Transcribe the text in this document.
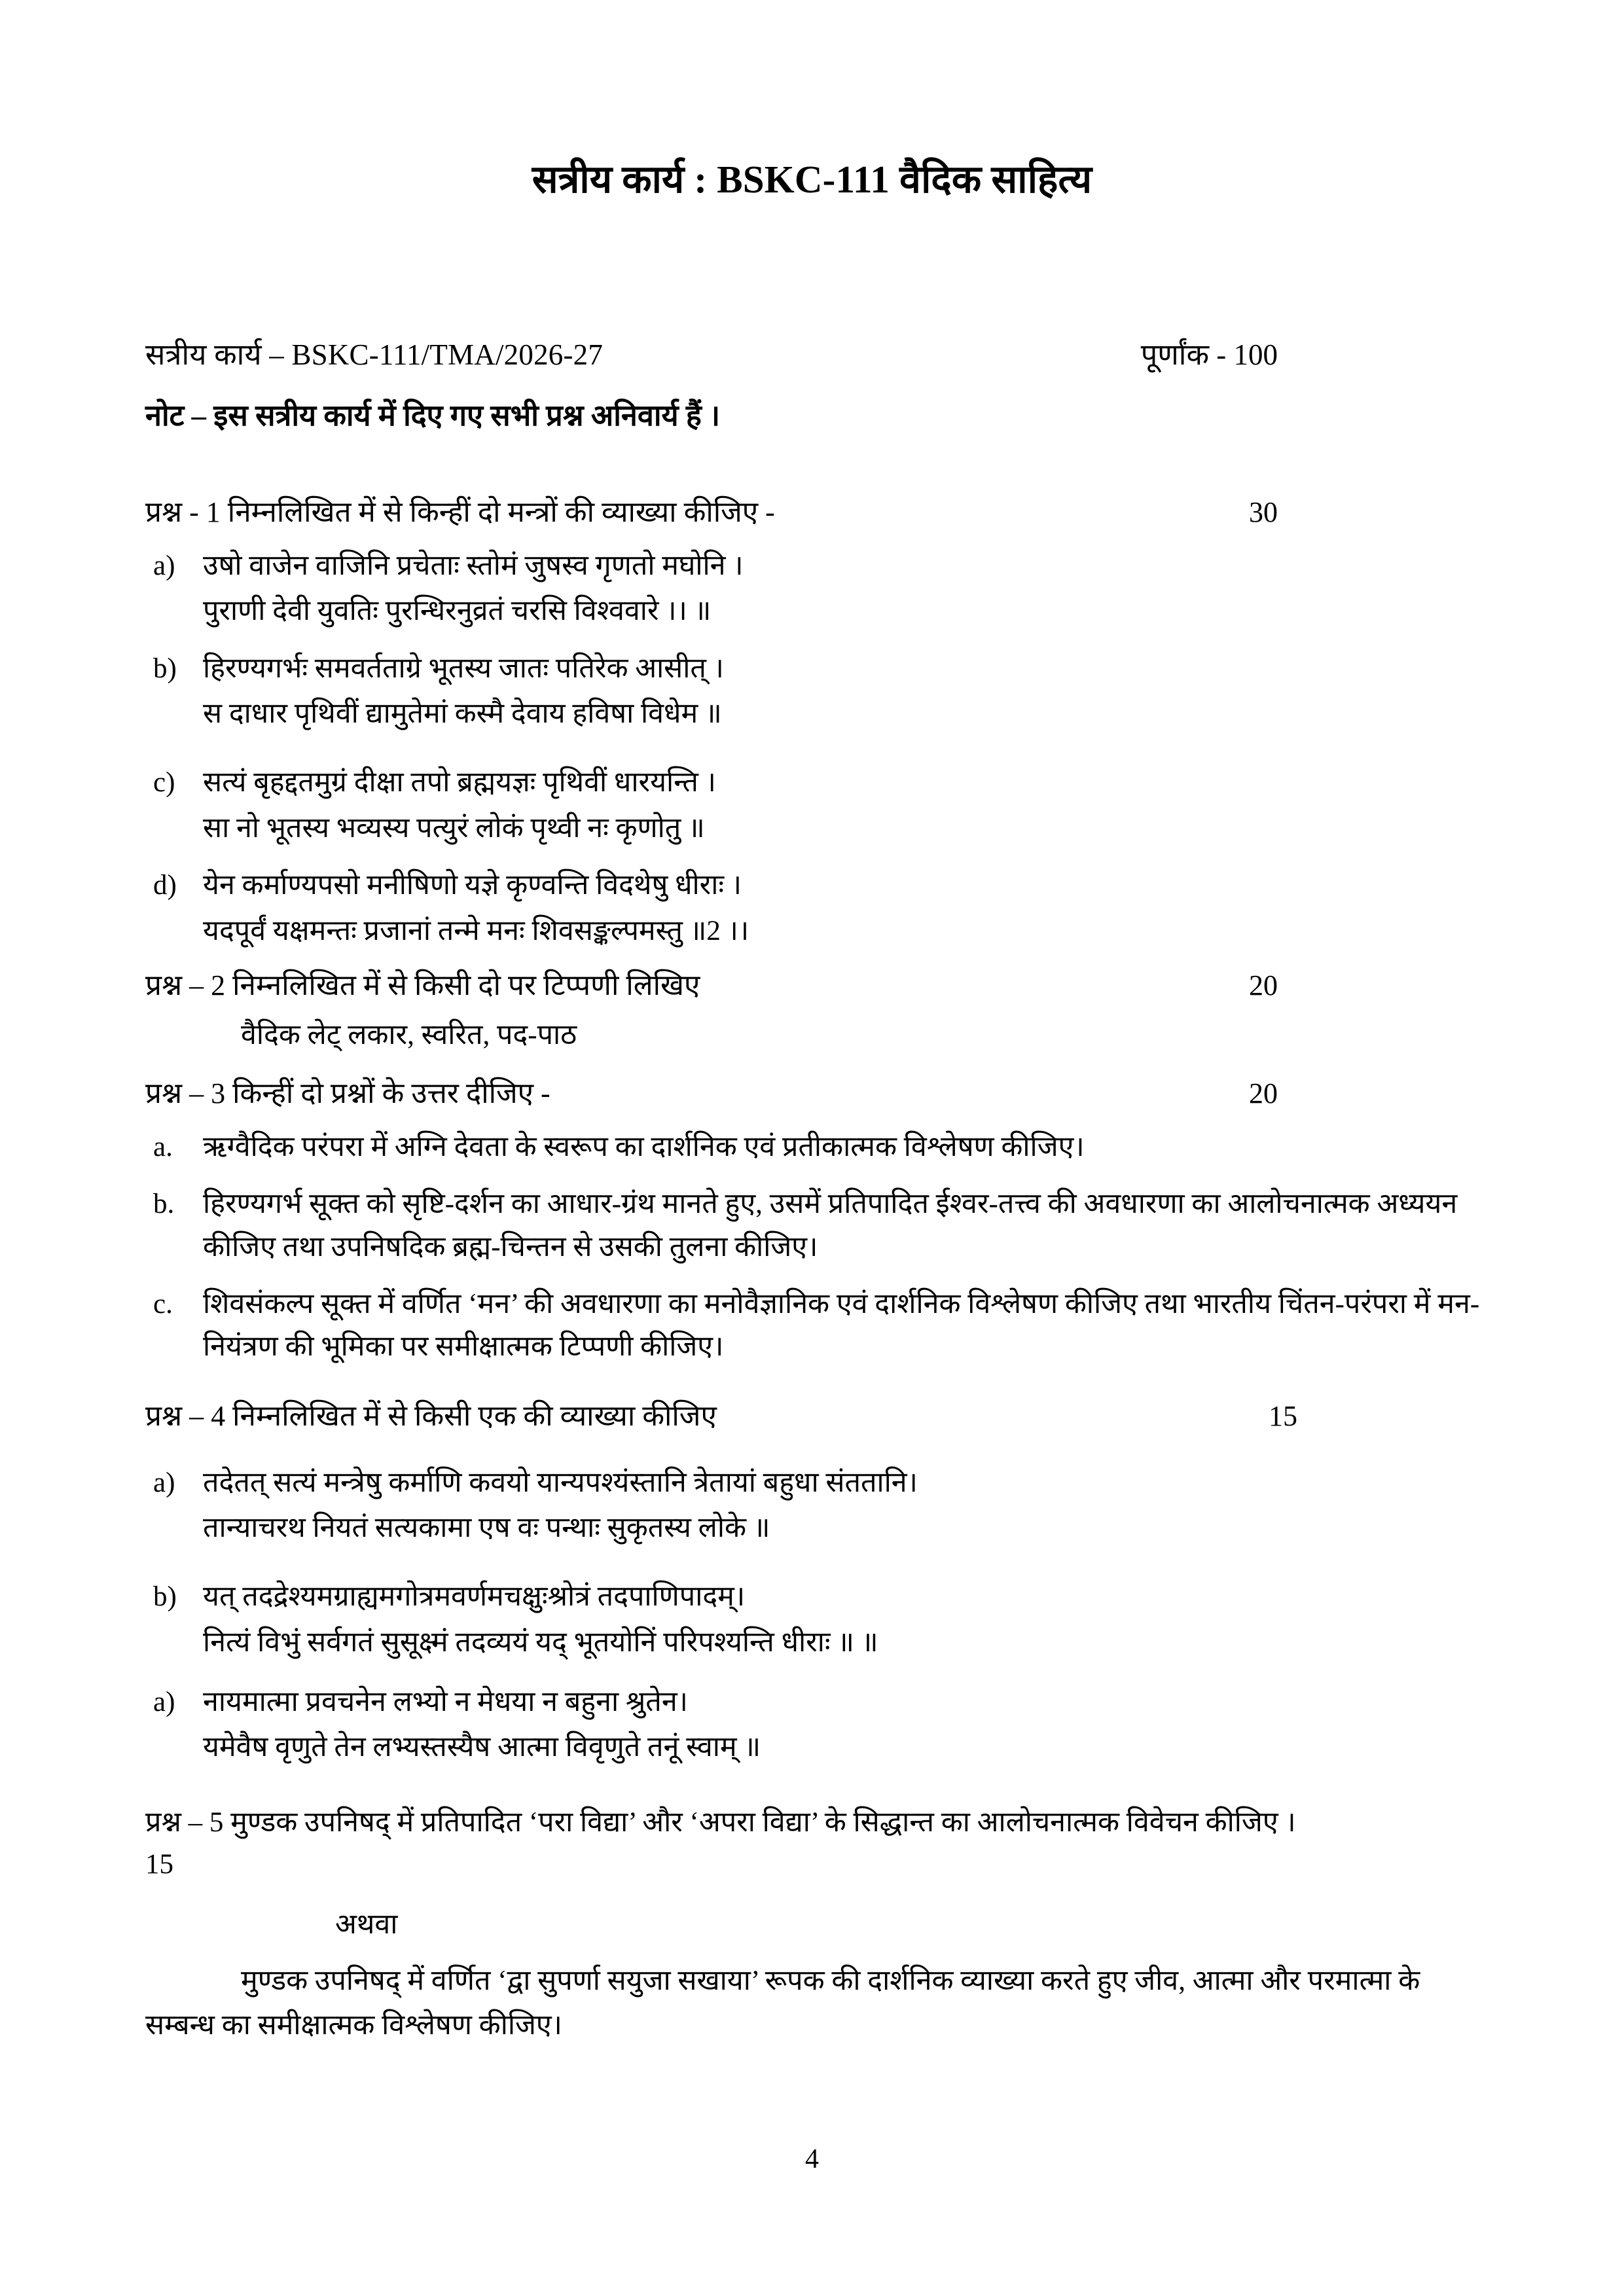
सत्रीय कार्य : BSKC-111 वैदिक साहित्य
सत्रीय कार्य – BSKC-111/TMA/2026-27	पूर्णांक - 100
नोट – इस सत्रीय कार्य में दिए गए सभी प्रश्न अनिवार्य हैं ।
प्रश्न - 1 निम्नलिखित में से किन्हीं दो मन्त्रों की व्याख्या कीजिए -	30
a) उषो वाजेन वाजिनि प्रचेताः स्तोमं जुषस्व गृणतो मघोनि ।
पुराणी देवी युवतिः पुरन्धिरनुव्रतं चरसि विश्ववारे ।। ॥
b) हिरण्यगर्भः समवर्तताग्रे भूतस्य जातः पतिरेक आसीत् ।
स दाधार पृथिवीं द्यामुतेमां कस्मै देवाय हविषा विधेम ॥
c) सत्यं बृहद्दतमुग्रं दीक्षा तपो ब्रह्मयज्ञः पृथिवीं धारयन्ति ।
सा नो भूतस्य भव्यस्य पत्युरं लोकं पृथ्वी नः कृणोतु ॥
d) येन कर्माण्यपसो मनीषिणो यज्ञे कृण्वन्ति विदथेषु धीराः ।
यदपूर्वं यक्षमन्तः प्रजानां तन्मे मनः शिवसङ्कल्पमस्तु ॥2 ।।
प्रश्न – 2 निम्नलिखित में से किसी दो पर टिप्पणी लिखिए	20
वैदिक लेट् लकार, स्वरित, पद-पाठ
प्रश्न – 3 किन्हीं दो प्रश्नों के उत्तर दीजिए -	20
a.	ऋग्वैदिक परंपरा में अग्नि देवता के स्वरूप का दार्शनिक एवं प्रतीकात्मक विश्लेषण कीजिए।
b.	हिरण्यगर्भ सूक्त को सृष्टि-दर्शन का आधार-ग्रंथ मानते हुए, उसमें प्रतिपादित ईश्वर-तत्त्व की अवधारणा का आलोचनात्मक अध्ययन कीजिए तथा उपनिषदिक ब्रह्म-चिन्तन से उसकी तुलना कीजिए।
c.	शिवसंकल्प सूक्त में वर्णित ‘मन’ की अवधारणा का मनोवैज्ञानिक एवं दार्शनिक विश्लेषण कीजिए तथा भारतीय चिंतन-परंपरा में मन-नियंत्रण की भूमिका पर समीक्षात्मक टिप्पणी कीजिए।
प्रश्न – 4 निम्नलिखित में से किसी एक की व्याख्या कीजिए	15
a) तदेतत् सत्यं मन्त्रेषु कर्माणि कवयो यान्यपश्यंस्तानि त्रेतायां बहुधा संततानि।
तान्याचरथ नियतं सत्यकामा एष वः पन्थाः सुकृतस्य लोके ॥
b) यत् तदद्रेश्यमग्राह्यमगोत्रमवर्णमचक्षुःश्रोत्रं तदपाणिपादम्।
नित्यं विभुं सर्वगतं सुसूक्ष्मं तदव्ययं यद् भूतयोनिं परिपश्यन्ति धीराः ॥ ॥
a) नायमात्मा प्रवचनेन लभ्यो न मेधया न बहुना श्रुतेन।
यमेवैष वृणुते तेन लभ्यस्तस्यैष आत्मा विवृणुते तनूं स्वाम् ॥
प्रश्न – 5 मुण्डक उपनिषद् में प्रतिपादित ‘परा विद्या’ और ‘अपरा विद्या’ के सिद्धान्त का आलोचनात्मक विवेचन कीजिए ।
15
अथवा
मुण्डक उपनिषद् में वर्णित ‘द्वा सुपर्णा सयुजा सखाया’ रूपक की दार्शनिक व्याख्या करते हुए जीव, आत्मा और परमात्मा के सम्बन्ध का समीक्षात्मक विश्लेषण कीजिए।
4
